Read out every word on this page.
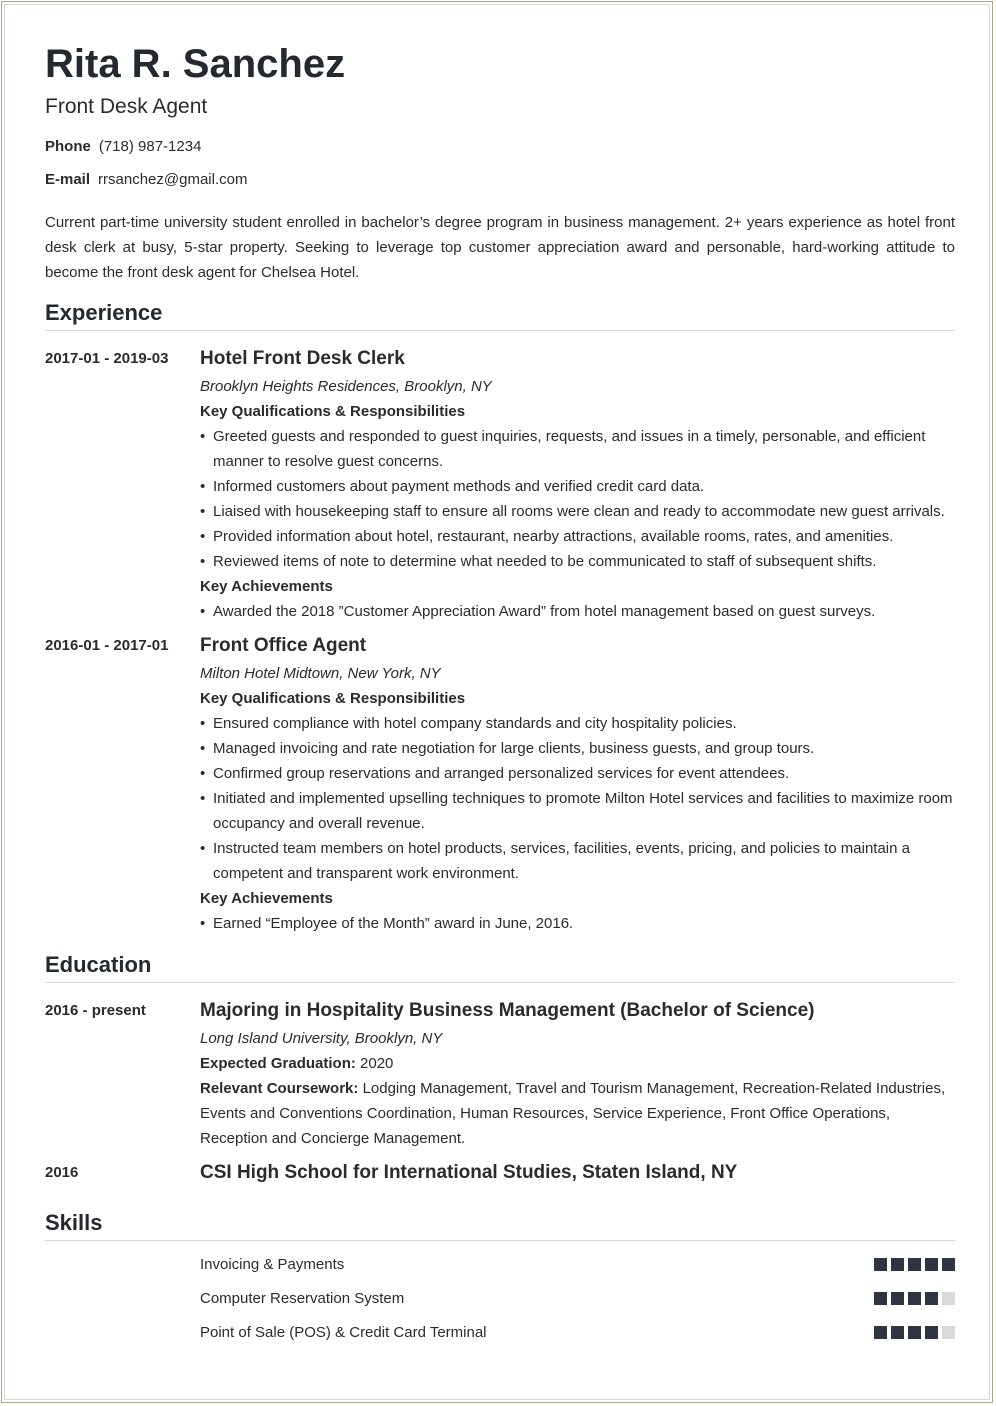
Rita R. Sanchez
Front Desk Agent
Phone (718) 987-1234
E-mail rrsanchez@gmail.com
Current part-time university student enrolled in bachelor’s degree program in business management. 2+ years experience as hotel front desk clerk at busy, 5-star property. Seeking to leverage top customer appreciation award and personable, hard-working attitude to become the front desk agent for Chelsea Hotel.
Experience
2017-01 - 2019-03	Hotel Front Desk Clerk
Brooklyn Heights Residences, Brooklyn, NY
Key Qualifications & Responsibilities
• Greeted guests and responded to guest inquiries, requests, and issues in a timely, personable, and efficient manner to resolve guest concerns.
• Informed customers about payment methods and verified credit card data.
• Liaised with housekeeping staff to ensure all rooms were clean and ready to accommodate new guest arrivals.
• Provided information about hotel, restaurant, nearby attractions, available rooms, rates, and amenities.
• Reviewed items of note to determine what needed to be communicated to staff of subsequent shifts.
Key Achievements
• Awarded the 2018 ”Customer Appreciation Award” from hotel management based on guest surveys.
2016-01 - 2017-01	Front Office Agent
Milton Hotel Midtown, New York, NY
Key Qualifications & Responsibilities
• Ensured compliance with hotel company standards and city hospitality policies.
• Managed invoicing and rate negotiation for large clients, business guests, and group tours.
• Confirmed group reservations and arranged personalized services for event attendees.
• Initiated and implemented upselling techniques to promote Milton Hotel services and facilities to maximize room occupancy and overall revenue.
• Instructed team members on hotel products, services, facilities, events, pricing, and policies to maintain a competent and transparent work environment.
Key Achievements
• Earned “Employee of the Month” award in June, 2016.
Education
2016 - present	Majoring in Hospitality Business Management (Bachelor of Science)
Long Island University, Brooklyn, NY
Expected Graduation: 2020
Relevant Coursework: Lodging Management, Travel and Tourism Management, Recreation-Related Industries, Events and Conventions Coordination, Human Resources, Service Experience, Front Office Operations, Reception and Concierge Management.
2016	CSI High School for International Studies, Staten Island, NY
Skills
Invoicing & Payments
Computer Reservation System
Point of Sale (POS) & Credit Card Terminal
